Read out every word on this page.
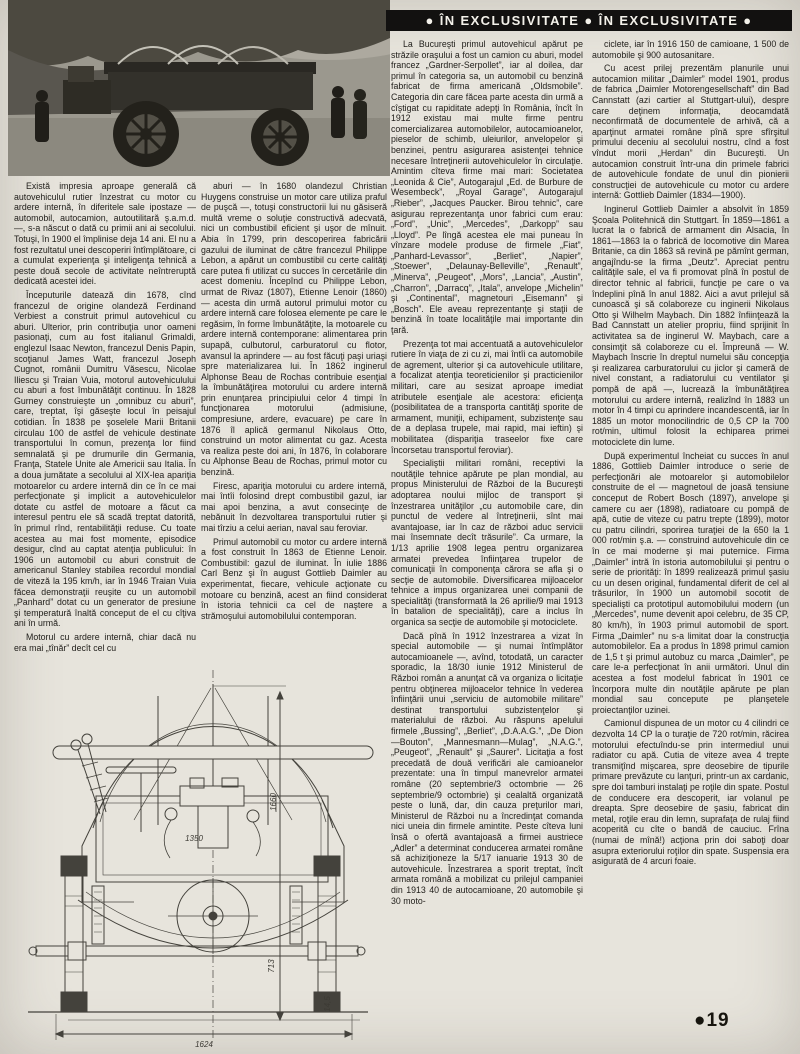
● ÎN EXCLUSIVITATE ● ÎN EXCLUSIVITATE ●

Există impresia aproape generală că autovehiculul rutier înzestrat cu motor cu ardere internă, în diferitele sale ipostaze — automobil, autocamion, autoutilitară ş.a.m.d. —, s-a născut o dată cu primii ani ai secolului. Totuşi, în 1900 el împlinise deja 14 ani. El nu a fost rezultatul unei descoperiri întîmplătoare, ci a cumulat experienţa şi inteligenţa tehnică a peste două secole de activitate neîntreruptă dedicată acestei idei.

Începuturile datează din 1678, cînd francezul de origine olandeză Ferdinand Verbiest a construit primul autovehicul cu aburi. Ulterior, prin contribuţia unor oameni pasionaţi, cum au fost italianul Grimaldi, englezul Isaac Newton, francezul Denis Papin, scoţianul James Watt, francezul Joseph Cugnot, românii Dumitru Văsescu, Nicolae Iliescu şi Traian Vuia, motorul autovehiculului cu aburi a fost îmbunătăţit continuu. În 1828 Gurney construieşte un „omnibuz cu aburi”, care, treptat, îşi găseşte locul în peisajul cotidian. În 1838 pe şoselele Marii Britanii circulau 100 de astfel de vehicule destinate transportului în comun, prezenţa lor fiind semnalată şi pe drumurile din Germania, Franţa, Statele Unite ale Americii sau Italia. În a doua jumătate a secolului al XIX-lea apariţia motoarelor cu ardere internă din ce în ce mai perfecţionate şi implicit a autovehiculelor dotate cu astfel de motoare a făcut ca interesul pentru ele să scadă treptat datorită, în primul rînd, rentabilităţii reduse. Cu toate acestea au mai fost momente, episodice desigur, cînd au captat atenţia publicului: în 1906 un automobil cu aburi construit de americanul Stanley stabilea recordul mondial de viteză la 195 km/h, iar în 1946 Traian Vuia făcea demonstraţii reuşite cu un automobil „Panhard” dotat cu un generator de presiune şi temperatură înaltă conceput de el cu cîţiva ani în urmă.

Motorul cu ardere internă, chiar dacă nu era mai „tînăr” decît cel cu

aburi — în 1680 olandezul Christian Huygens construise un motor care utiliza praful de puşcă —, totuşi constructorii lui nu găsiseră multă vreme o soluţie constructivă adecvată, nici un combustibil eficient şi uşor de mînuit. Abia în 1799, prin descoperirea fabricării gazului de iluminat de către francezul Philippe Lebon, a apărut un combustibil cu certe calităţi care putea fi utilizat cu succes în cercetările din acest domeniu. Începînd cu Philippe Lebon, urmat de Rivaz (1807), Etienne Lenoir (1860) — acesta din urmă autorul primului motor cu ardere internă care folosea elemente pe care le regăsim, în forme îmbunătăţite, la motoarele cu ardere internă contemporane: alimentarea prin supapă, culbutorul, carburatorul cu flotor, avansul la aprindere — au fost făcuţi paşi uriaşi spre materializarea lui. În 1862 inginerul Alphonse Beau de Rochas contribuie esenţial la îmbunătăţirea motorului cu ardere internă prin enunţarea principiului celor 4 timpi în funcţionarea motorului (admisiune, compresiune, ardere, evacuare) pe care în 1876 îl aplică germanul Nikolaus Otto, construind un motor alimentat cu gaz. Acesta va realiza peste doi ani, în 1876, în colaborare cu Alphonse Beau de Rochas, primul motor cu benzină.

Firesc, apariţia motorului cu ardere internă, mai întîi folosind drept combustibil gazul, iar mai apoi benzina, a avut consecinţe de nebănuit în dezvoltarea transportului rutier şi mai tîrziu a celui aerian, naval sau feroviar.

Primul automobil cu motor cu ardere internă a fost construit în 1863 de Etienne Lenoir. Combustibil: gazul de iluminat. În iulie 1886 Carl Benz şi în august Gottlieb Daimler au experimentat, fiecare, vehicule acţionate cu motoare cu benzină, acest an fiind considerat în istoria tehnicii ca cel de naştere a strămoşului automobilului contemporan.

La Bucureşti primul autovehicul apărut pe străzile oraşului a fost un camion cu aburi, model francez „Gardner-Serpollet”, iar al doilea, dar primul în categoria sa, un automobil cu benzină fabricat de firma americană „Oldsmobile”. Categoria din care făcea parte acesta din urmă a cîştigat cu rapiditate adepţi în România, încît în 1912 existau mai multe firme pentru comercializarea automobilelor, autocamioanelor, pieselor de schimb, uleiurilor, anvelopelor şi benzinei, pentru asigurarea asistenţei tehnice necesare întreţinerii autovehiculelor în circulaţie. Amintim cîteva firme mai mari: Societatea „Leonida & Cie”, Autogarajul „Ed. de Burbure de Wesembeck”, „Royal Garage”, Autogarajul „Rieber”, „Jacques Paucker. Birou tehnic”, care asigurau reprezentanţa unor fabrici cum erau: „Ford”, „Unic”, „Mercedes”, „Darkopp” sau „Lloyd”. Pe lîngă acestea ele mai puneau în vînzare modele produse de firmele „Fiat”, „Panhard-Levassor”, „Berliet”, „Napier”, „Stoewer”, „Delaunay-Belleville”, „Renault”, „Minerva”, „Peugeot”, „Mors”, „Lancia”, „Austin”, „Charron”, „Darracq”, „Itala”, anvelope „Michelin” şi „Continental”, magnetouri „Eisemann” şi „Bosch”. Ele aveau reprezentanţe şi staţii de benzină în toate localităţile mai importante din ţară.

Prezenţa tot mai accentuată a autovehiculelor rutiere în viaţa de zi cu zi, mai întîi ca automobile de agrement, ulterior şi ca autovehicule utilitare, a focalizat atenţia teoreticienilor şi practicienilor militari, care au sesizat aproape imediat atributele esenţiale ale acestora: eficienţa (posibilitatea de a transporta cantităţi sporite de armament, muniţii, echipament, subzistenţe sau de a deplasa trupele, mai rapid, mai ieftin) şi mobilitatea (dispariţia traseelor fixe care încorsetau transportul feroviar).

Specialiştii militari români, receptivi la noutăţile tehnice apărute pe plan mondial, au propus Ministerului de Război de la Bucureşti adoptarea noului mijloc de transport şi înzestrarea unităţilor „cu automobile care, din punctul de vedere al întreţinerii, sînt mai avantajoase, iar în caz de război aduc servicii mai însemnate decît trăsurile”. Ca urmare, la 1/13 aprilie 1908 legea pentru organizarea armatei prevedea înfiinţarea trupelor de comunicaţii în componenţa cărora se afla şi o secţie de automobile. Diversificarea mijloacelor tehnice a impus organizarea unei companii de specialităţi (transformată la 26 aprilie/9 mai 1913 în batalion de specialităţi), care a inclus în organica sa secţie de automobile şi motociclete.

Dacă pînă în 1912 înzestrarea a vizat în special automobile — şi numai întîmplător autocamioanele —, avînd, totodată, un caracter sporadic, la 18/30 iunie 1912 Ministerul de Război român a anunţat că va organiza o licitaţie pentru obţinerea mijloacelor tehnice în vederea înfiinţării unui „serviciu de automobile militare” destinat transportului subzistenţelor şi materialului de război. Au răspuns apelului firmele „Bussing”, „Berliet”, „D.A.A.G.”, „De Dion—Bouton”, „Mannesmann—Mulag”, „N.A.G.”, „Peugeot”, „Renault” şi „Saurer”. Licitaţia a fost precedată de două verificări ale camioanelor prezentate: una în timpul manevrelor armatei române (20 septembrie/3 octombrie — 26 septembrie/9 octombrie) şi cealaltă organizată peste o lună, dar, din cauza preţurilor mari, Ministerul de Război nu a încredinţat comanda nici uneia din firmele amintite. Peste cîteva luni însă o ofertă avantajoasă a firmei austriece „Adler” a determinat conducerea armatei române să achiziţioneze la 5/17 ianuarie 1913 30 de autovehicule. Înzestrarea a sporit treptat, încît armata română a mobilizat cu prilejul campaniei din 1913 40 de autocamioane, 20 automobile şi 30 moto-

ciclete, iar în 1916 150 de camioane, 1 500 de automobile şi 900 autosanitare.

Cu acest prilej prezentăm planurile unui autocamion militar „Daimler” model 1901, produs de fabrica „Daimler Motorengesellschaft” din Bad Cannstatt (azi cartier al Stuttgart-ului), despre care deţinem informaţia, deocamdată neconfirmată de documentele de arhivă, că a aparţinut armatei române pînă spre sfîrşitul primului deceniu al secolului nostru, cînd a fost vîndut morii „Herdan” din Bucureşti. Un autocamion construit într-una din primele fabrici de autovehicule fondate de unul din pionierii construcţiei de autovehicule cu motor cu ardere internă: Gottlieb Daimler (1834—1900).

Inginerul Gottlieb Daimler a absolvit în 1859 Şcoala Politehnică din Stuttgart. În 1859—1861 a lucrat la o fabrică de armament din Alsacia, în 1861—1863 la o fabrică de locomotive din Marea Britanie, ca din 1863 să revină pe pămînt german, angajîndu-se la firma „Deutz”. Apreciat pentru calităţile sale, el va fi promovat pînă în postul de director tehnic al fabricii, funcţie pe care o va îndeplini pînă în anul 1882. Aici a avut prilejul să cunoască şi să colaboreze cu inginerii Nikolaus Otto şi Wilhelm Maybach. Din 1882 înfiinţează la Bad Cannstatt un atelier propriu, fiind sprijinit în activitatea sa de inginerul W. Maybach, care a consimţit să colaboreze cu el. Împreună — W. Maybach înscrie în dreptul numelui său concepţia şi realizarea carburatorului cu jiclor şi cameră de nivel constant, a radiatorului cu ventilator şi pompă de apă —, lucrează la îmbunătăţirea motorului cu ardere internă, realizînd în 1883 un motor în 4 timpi cu aprindere incandescentă, iar în 1885 un motor monocilindric de 0,5 CP la 700 rot/min, ultimul folosit la echiparea primei motociclete din lume.

După experimentul încheiat cu succes în anul 1886, Gottlieb Daimler introduce o serie de perfecţionări ale motoarelor şi automobilelor construite de el — magnetoul de joasă tensiune conceput de Robert Bosch (1897), anvelope şi camere cu aer (1898), radiatoare cu pompă de apă, cutie de viteze cu patru trepte (1899), motor cu patru cilindri, sporirea turaţiei de la 650 la 1 000 rot/min ş.a. — construind autovehicule din ce în ce mai moderne şi mai puternice. Firma „Daimler” intră în istoria automobilului şi pentru o serie de priorităţi: în 1899 realizează primul şasiu cu un desen original, fundamental diferit de cel al trăsurilor, în 1900 un automobil socotit de specialişti ca prototipul automobilului modern (un „Mercedes”, nume devenit apoi celebru, de 35 CP, 80 km/h), în 1903 primul automobil de sport. Firma „Daimler” nu s-a limitat doar la construcţia automobilelor. Ea a produs în 1898 primul camion de 1,5 t şi primul autobuz cu marca „Daimler”, pe care le-a perfecţionat în anii următori. Unul din acestea a fost modelul fabricat în 1901 ce încorpora multe din noutăţile apărute pe plan mondial sau concepute pe planşetele proiectanţilor uzinei.

Camionul dispunea de un motor cu 4 cilindri ce dezvolta 14 CP la o turaţie de 720 rot/min, răcirea motorului efectuîndu-se prin intermediul unui radiator cu apă. Cutia de viteze avea 4 trepte transmiţînd mişcarea, spre deosebire de tipurile primare prevăzute cu lanţuri, printr-un ax cardanic, spre doi tamburi instalaţi pe roţile din spate. Postul de conducere era descoperit, iar volanul pe dreapta. Spre deosebire de şasiu, fabricat din metal, roţile erau din lemn, suprafaţa de rulaj fiind acoperită cu cîte o bandă de cauciuc. Frîna (numai de mînă!) acţiona prin doi saboţi doar asupra exteriorului roţilor din spate. Suspensia era asigurată de 4 arcuri foaie.

1660
1350
713
14,5
1624
●19
